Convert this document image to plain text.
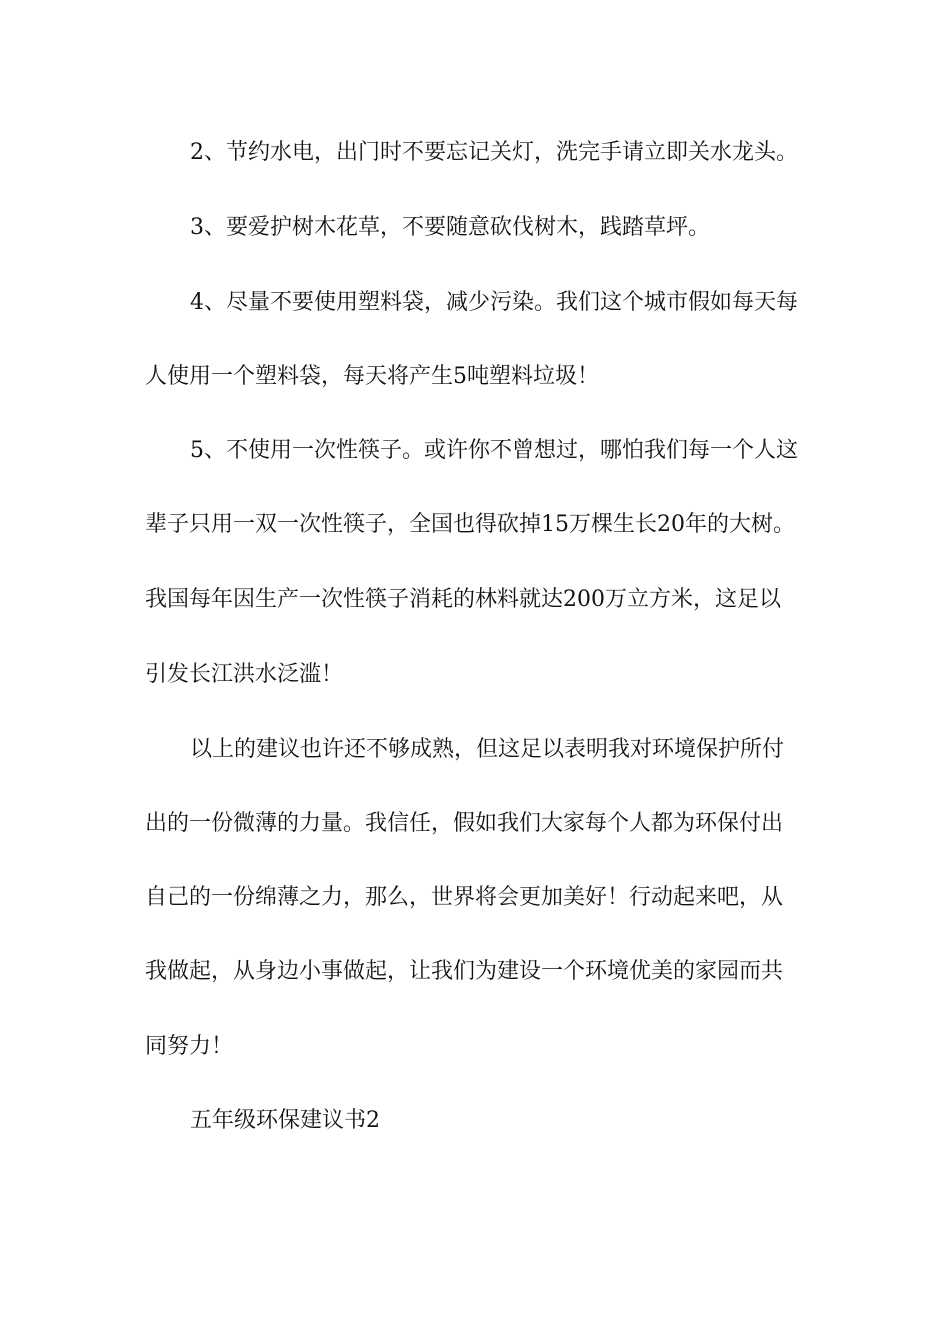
2、节约水电，出门时不要忘记关灯，洗完手请立即关水龙头。
3、要爱护树木花草，不要随意砍伐树木，践踏草坪。
4、尽量不要使用塑料袋，减少污染。我们这个城市假如每天每
人使用一个塑料袋，每天将产生5吨塑料垃圾！
5、不使用一次性筷子。或许你不曾想过，哪怕我们每一个人这
辈子只用一双一次性筷子，全国也得砍掉15万棵生长20年的大树。
我国每年因生产一次性筷子消耗的林料就达200万立方米，这足以
引发长江洪水泛滥！
以上的建议也许还不够成熟，但这足以表明我对环境保护所付
出的一份微薄的力量。我信任，假如我们大家每个人都为环保付出
自己的一份绵薄之力，那么，世界将会更加美好！行动起来吧，从
我做起，从身边小事做起，让我们为建设一个环境优美的家园而共
同努力！
五年级环保建议书2
